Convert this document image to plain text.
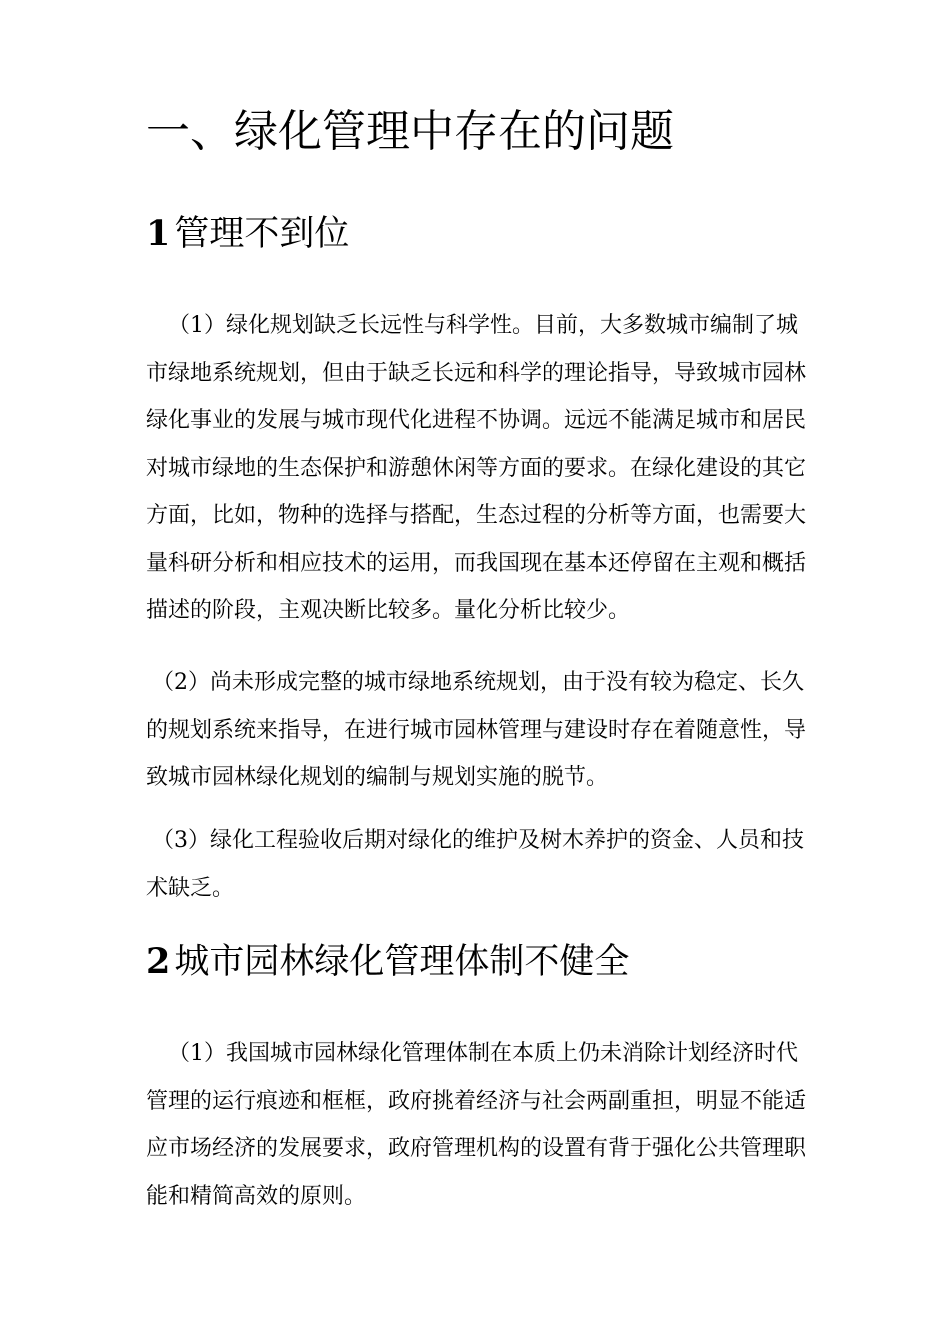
一、绿化管理中存在的问题
1 管理不到位
（1）绿化规划缺乏长远性与科学性。目前，大多数城市编制了城
市绿地系统规划，但由于缺乏长远和科学的理论指导，导致城市园林
绿化事业的发展与城市现代化进程不协调。远远不能满足城市和居民
对城市绿地的生态保护和游憩休闲等方面的要求。在绿化建设的其它
方面，比如，物种的选择与搭配，生态过程的分析等方面，也需要大
量科研分析和相应技术的运用，而我国现在基本还停留在主观和概括
描述的阶段，主观决断比较多。量化分析比较少。
（2）尚未形成完整的城市绿地系统规划，由于没有较为稳定、长久
的规划系统来指导，在进行城市园林管理与建设时存在着随意性，导
致城市园林绿化规划的编制与规划实施的脱节。
（3）绿化工程验收后期对绿化的维护及树木养护的资金、人员和技
术缺乏。
2 城市园林绿化管理体制不健全
（1）我国城市园林绿化管理体制在本质上仍未消除计划经济时代
管理的运行痕迹和框框，政府挑着经济与社会两副重担，明显不能适
应市场经济的发展要求，政府管理机构的设置有背于强化公共管理职
能和精简高效的原则。
